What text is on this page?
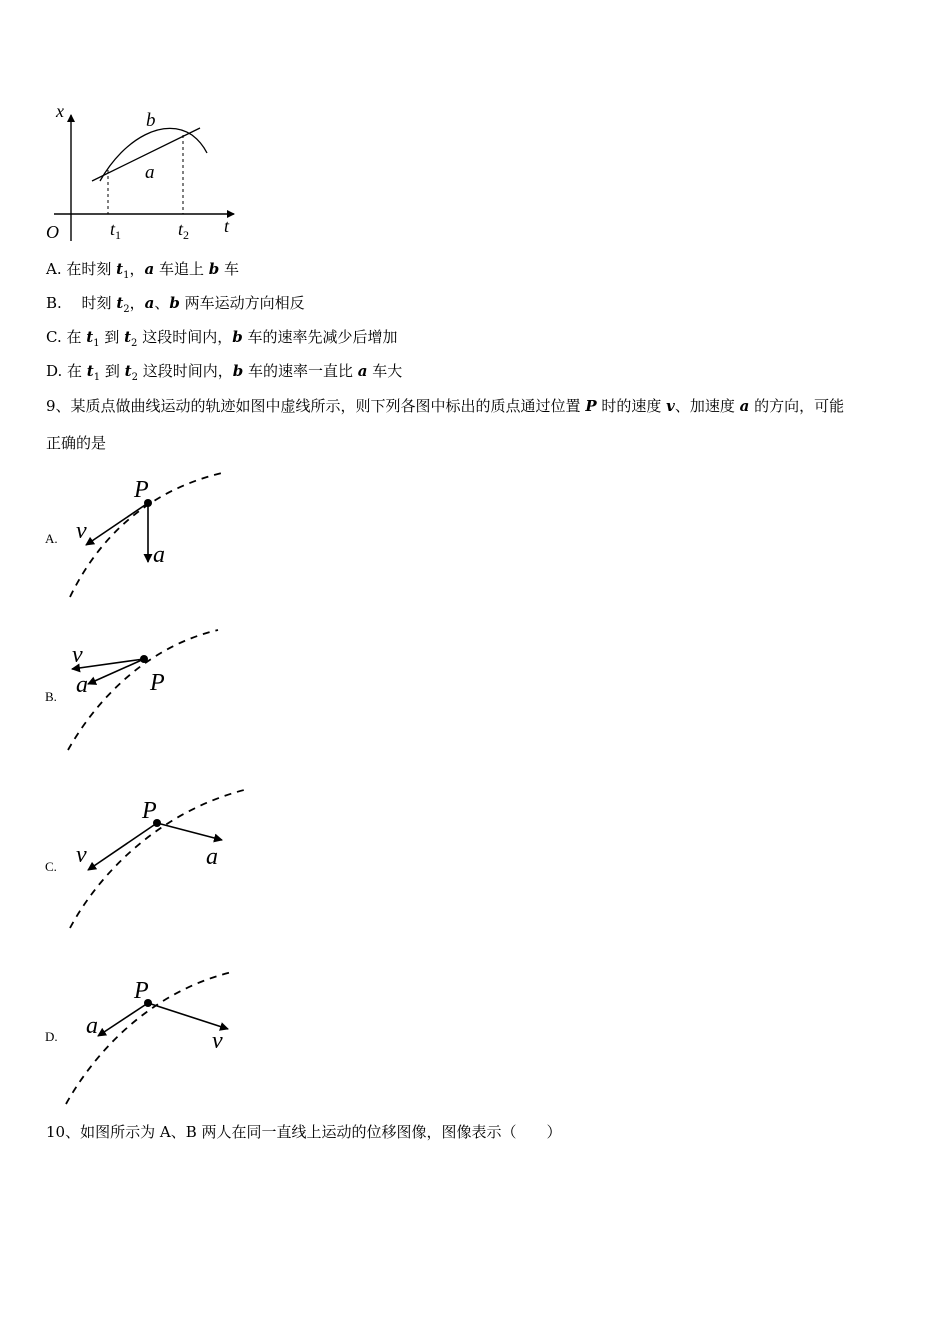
x
t
O
b
a
$t_1$	$t_2$
A. 在时刻 $t_1$，a 车追上 b 车
B.　 时刻 $t_2$，a、b 两车运动方向相反
C. 在 $t_1$ 到 $t_2$ 这段时间内，b 车的速率先减少后增加
D. 在 $t_1$ 到 $t_2$ 这段时间内，b 车的速率一直比 a 车大
9、某质点做曲线运动的轨迹如图中虚线所示，则下列各图中标出的质点通过位置 P 时的速度 v、加速度 a 的方向，可能
正确的是
A.
P
v
a
B.
P
v
a
C.
P
v	a
D.
P
a
v
10、如图所示为 A、B 两人在同一直线上运动的位移图像，图像表示（　　）
